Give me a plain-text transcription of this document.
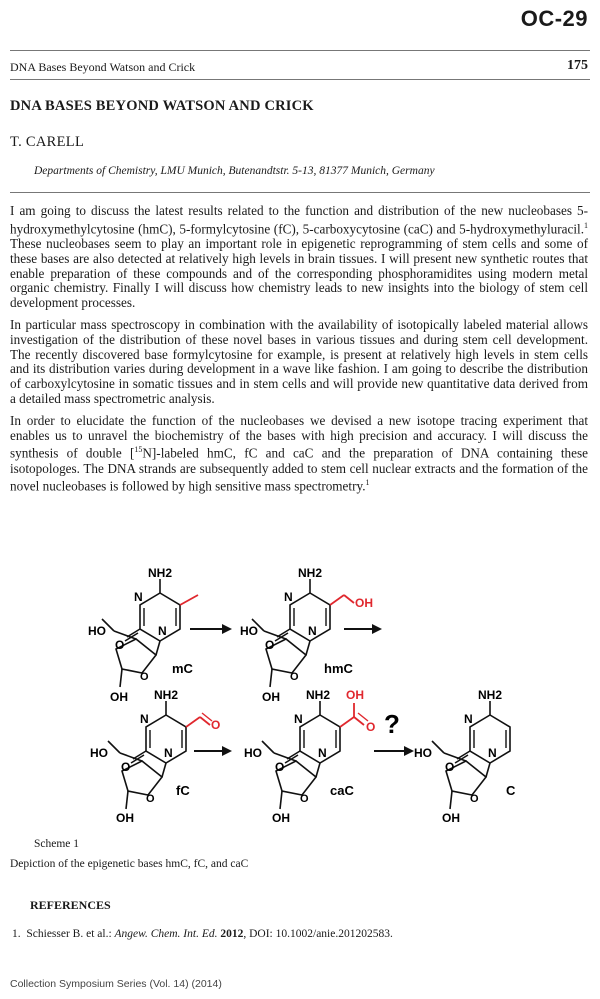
OC-29
DNA Bases Beyond Watson and Crick	175
DNA BASES BEYOND WATSON AND CRICK
T. CARELL
Departments of Chemistry, LMU Munich, Butenandtstr. 5-13, 81377 Munich, Germany

I am going to discuss the latest results related to the function and distribution of the new nucleobases 5-hydroxymethylcytosine (hmC), 5-formylcytosine (fC), 5-carboxycytosine (caC) and 5-hydroxymethyluracil.$^1$ These nucleobases seem to play an important role in epigenetic reprogramming of stem cells and some of these bases are also detected at relatively high levels in brain tissues. I will present new synthetic routes that enable preparation of these compounds and of the corresponding phosphoramidites using modern metal organic chemistry. Finally I will discuss how chemistry leads to new insights into the biology of stem cell development processes.

In particular mass spectroscopy in combination with the availability of isotopically labeled material allows investigation of the distribution of these novel bases in various tissues and during stem cell development. The recently discovered base formylcytosine for example, is present at relatively high levels in stem cells and its distribution varies during development in a wave like fashion. I am going to describe the distribution of carboxylcytosine in somatic tissues and in stem cells and will provide new quantitative data derived from a detailed mass spectrometric analysis.

In order to elucidate the function of the nucleobases we devised a new isotope tracing experiment that enables us to unravel the biochemistry of the bases with high precision and accuracy. I will discuss the synthesis of double [$^{15}$N]-labeled hmC, fC and caC and the preparation of DNA containing these isotopologes. The DNA strands are subsequently added to stem cell nuclear extracts and the formation of the novel nucleobases is followed by high sensitive mass spectrometry.$^1$

NH2
N
N
O
O
HO
OH
mC
NH2
N
N
O
O
HO
OH
OH
hmC
NH2
N
N
O
O
HO
OH
O
fC
NH2
N
N
O
O
HO
OH
OH
O
caC
?
NH2
N
N
O
O
HO
OH
C
Scheme 1
Depiction of the epigenetic bases hmC, fC, and caC
REFERENCES
1. Schiesser B. et al.: Angew. Chem. Int. Ed. 2012, DOI: 10.1002/anie.201202583.
Collection Symposium Series (Vol. 14) (2014)
